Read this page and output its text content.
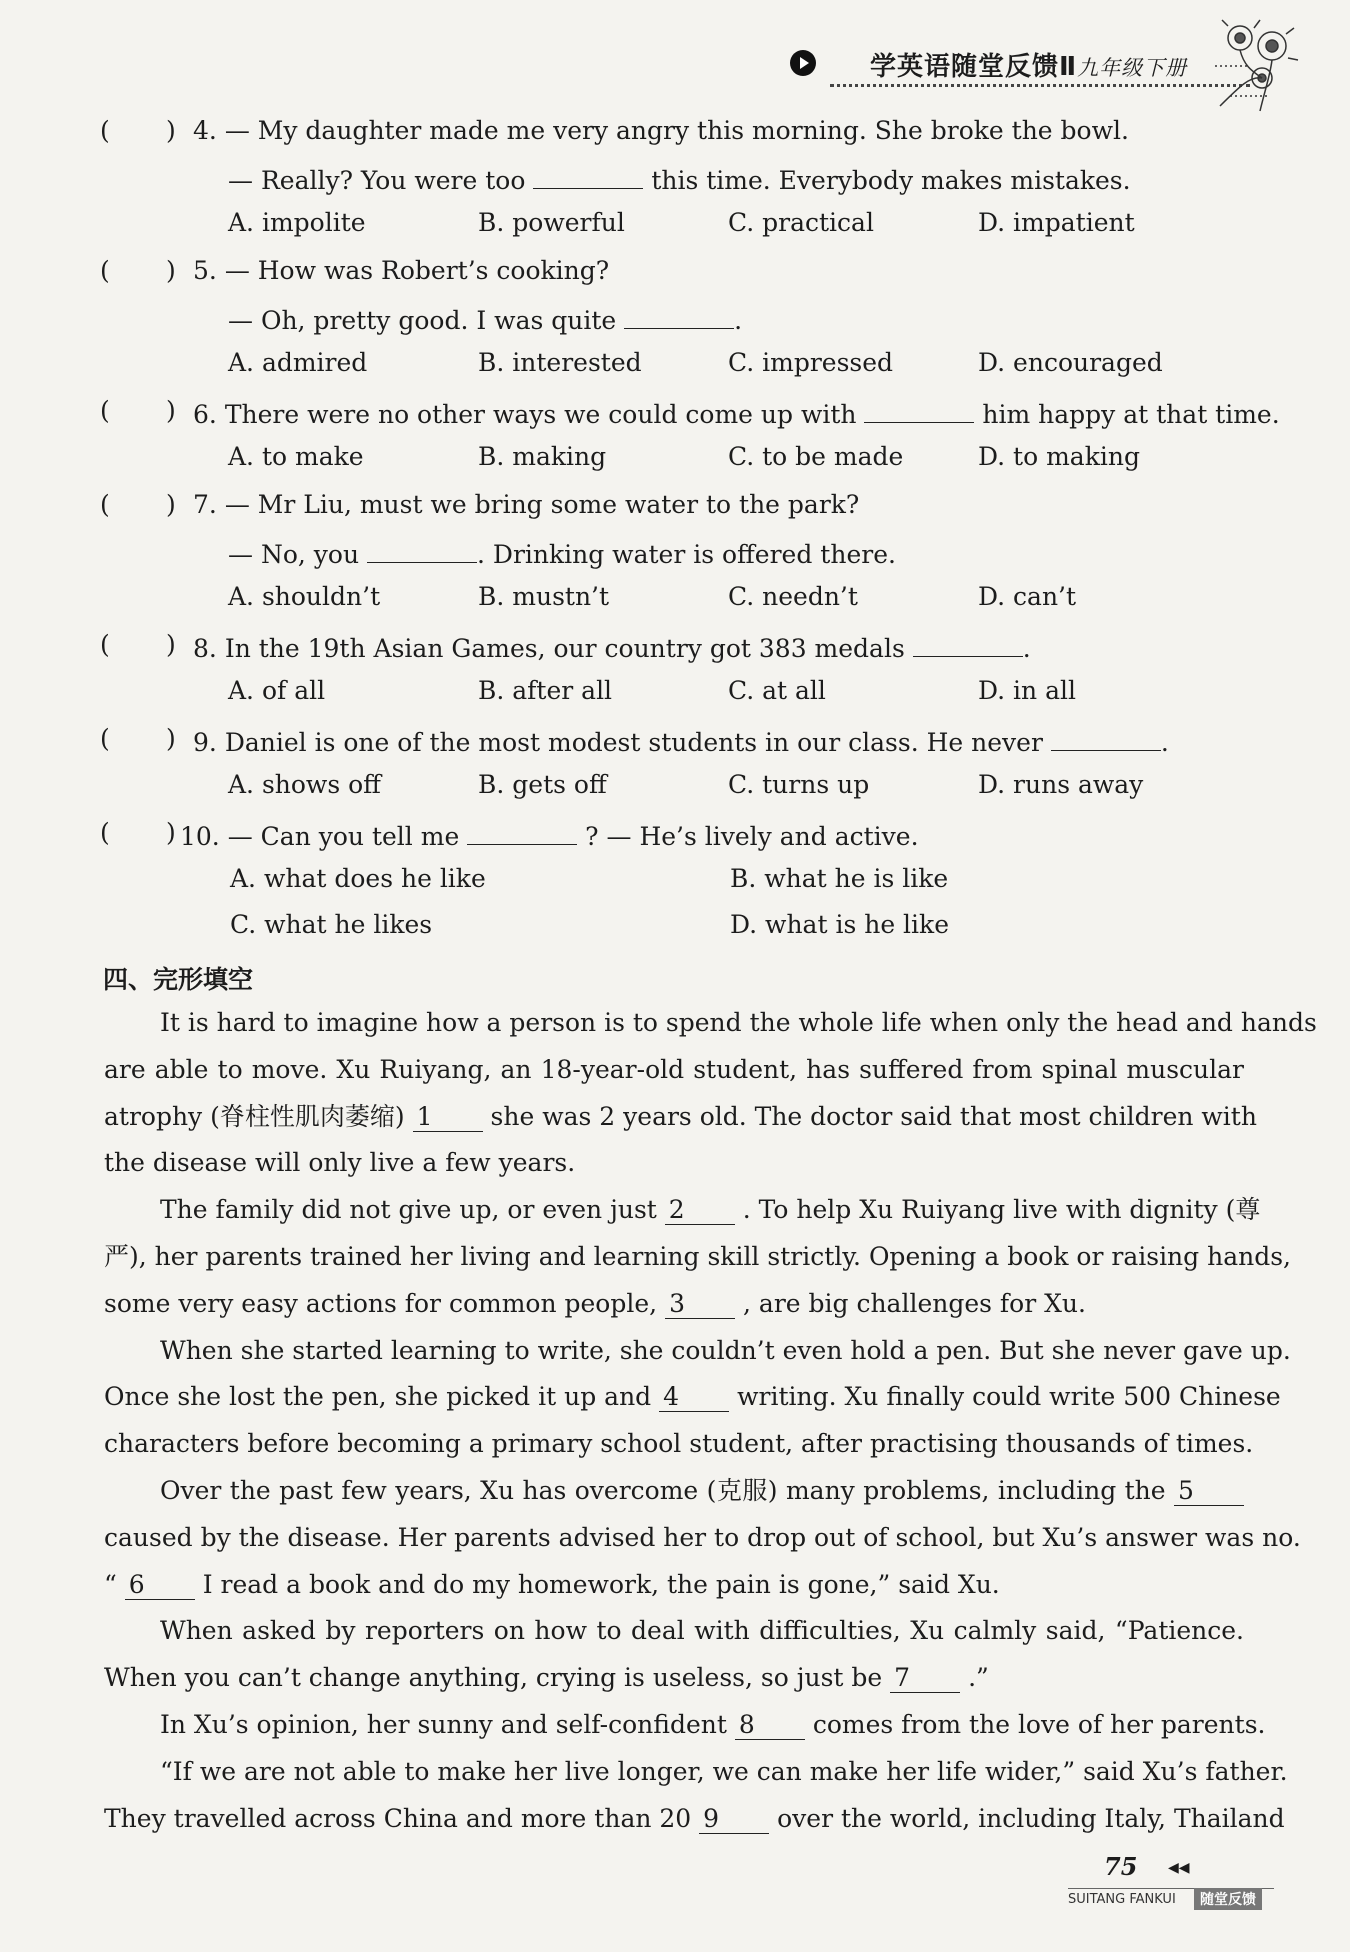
学英语随堂反馈Ⅱ九年级下册
( ) 4. — My daughter made me very angry this morning. She broke the bowl.
— Really? You were too	this time. Everybody makes mistakes.
A. impolite	B. powerful	C. practical	D. impatient
( ) 5. — How was Robert’s cooking?
— Oh, pretty good. I was quite	.
A. admired	B. interested	C. impressed	D. encouraged
( ) 6. There were no other ways we could come up with	him happy at that time.
A. to make	B. making	C. to be made	D. to making
( ) 7. — Mr Liu, must we bring some water to the park?
— No, you	. Drinking water is offered there.
A. shouldn’t	B. mustn’t	C. needn’t	D. can’t
( ) 8. In the 19th Asian Games, our country got 383 medals	.
A. of all	B. after all	C. at all	D. in all
( ) 9. Daniel is one of the most modest students in our class. He never	.
A. shows off	B. gets off	C. turns up	D. runs away
( ) 10. — Can you tell me	? — He’s lively and active.
A. what does he like	B. what he is like
C. what he likes	D. what is he like
四、完形填空
It is hard to imagine how a person is to spend the whole life when only the head and hands
are able to move. Xu Ruiyang, an 18-year-old student, has suffered from spinal muscular
atrophy (脊柱性肌肉萎缩) 1 she was 2 years old. The doctor said that most children with
the disease will only live a few years.
The family did not give up, or even just 2 . To help Xu Ruiyang live with dignity (尊
严), her parents trained her living and learning skill strictly. Opening a book or raising hands,
some very easy actions for common people, 3 , are big challenges for Xu.
When she started learning to write, she couldn’t even hold a pen. But she never gave up.
Once she lost the pen, she picked it up and 4 writing. Xu finally could write 500 Chinese
characters before becoming a primary school student, after practising thousands of times.
Over the past few years, Xu has overcome (克服) many problems, including the 5
caused by the disease. Her parents advised her to drop out of school, but Xu’s answer was no.
“ 6 I read a book and do my homework, the pain is gone,” said Xu.
When asked by reporters on how to deal with difficulties, Xu calmly said, “Patience.
When you can’t change anything, crying is useless, so just be 7 .”
In Xu’s opinion, her sunny and self-confident 8 comes from the love of her parents.
“If we are not able to make her live longer, we can make her life wider,” said Xu’s father.
They travelled across China and more than 20 9 over the world, including Italy, Thailand
75 ◀◀
SUITANG FANKUI	随堂反馈
